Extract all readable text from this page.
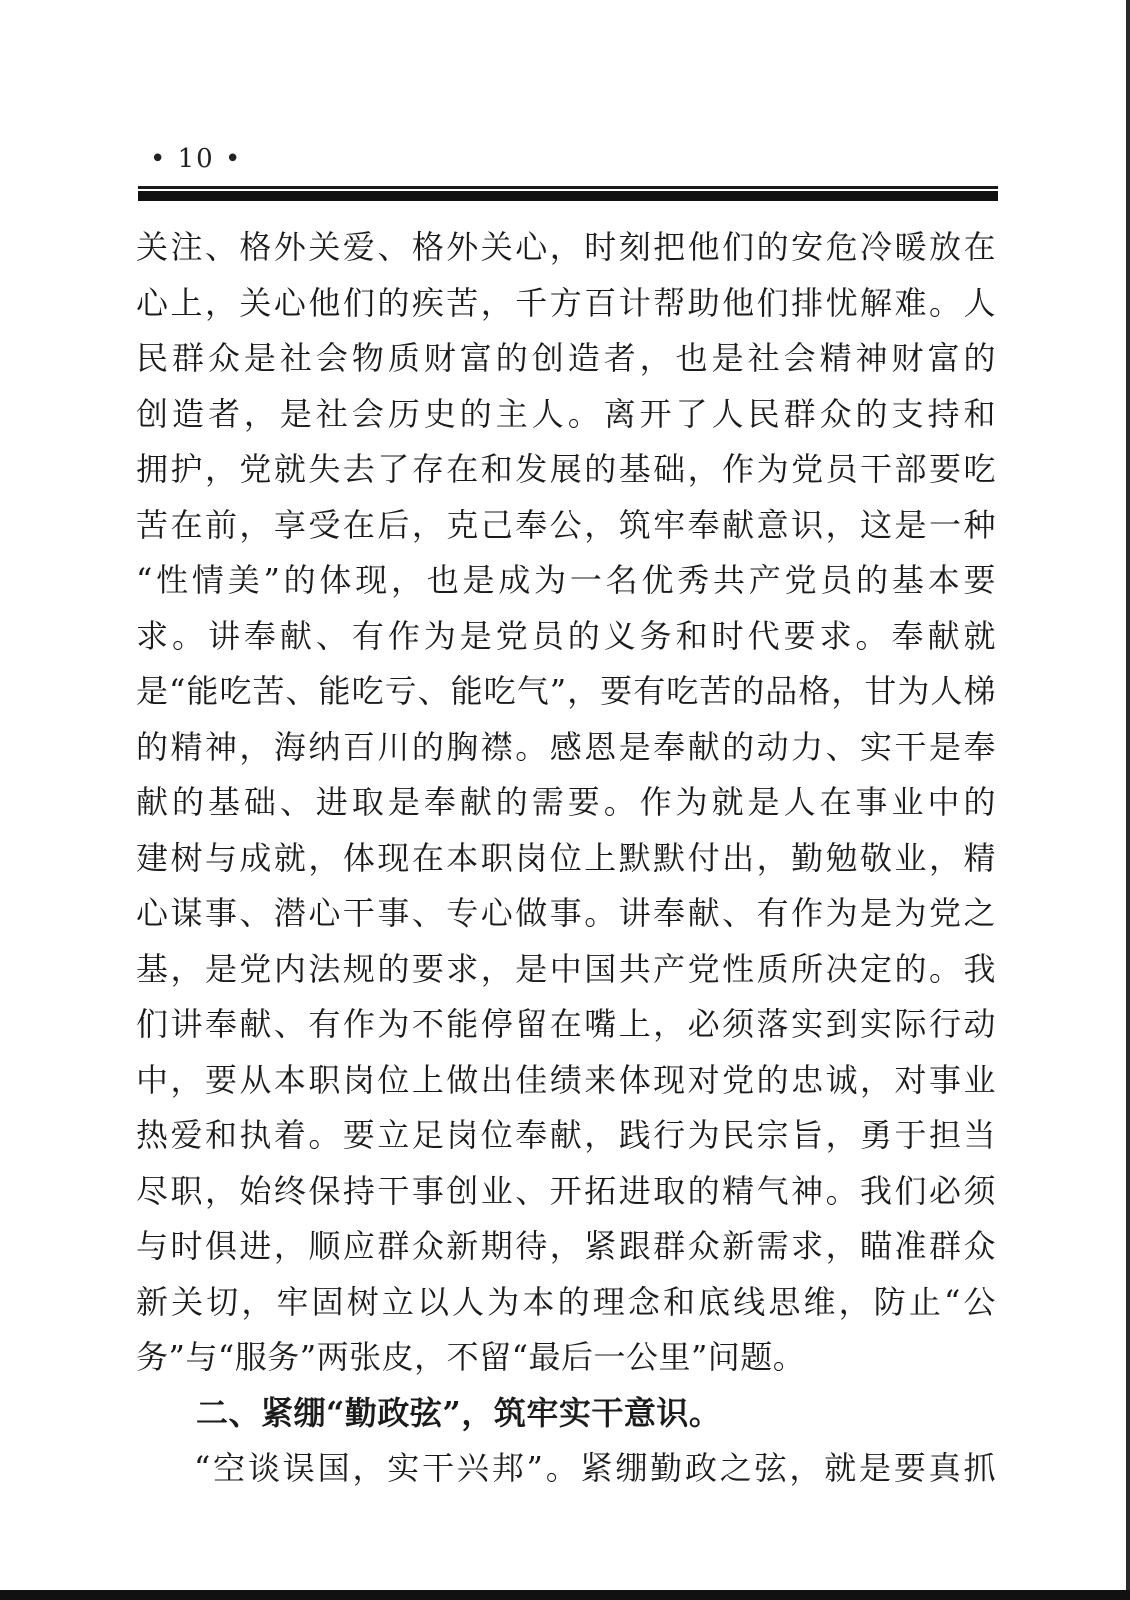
• 10 •
关注、格外关爱、格外关心，时刻把他们的安危冷暖放在
心上，关心他们的疾苦，千方百计帮助他们排忧解难。人
民群众是社会物质财富的创造者，也是社会精神财富的
创造者，是社会历史的主人。离开了人民群众的支持和
拥护，党就失去了存在和发展的基础，作为党员干部要吃
苦在前，享受在后，克己奉公，筑牢奉献意识，这是一种
“性情美”的体现，也是成为一名优秀共产党员的基本要
求。讲奉献、有作为是党员的义务和时代要求。奉献就
是“能吃苦、能吃亏、能吃气”，要有吃苦的品格，甘为人梯
的精神，海纳百川的胸襟。感恩是奉献的动力、实干是奉
献的基础、进取是奉献的需要。作为就是人在事业中的
建树与成就，体现在本职岗位上默默付出，勤勉敬业，精
心谋事、潜心干事、专心做事。讲奉献、有作为是为党之
基，是党内法规的要求，是中国共产党性质所决定的。我
们讲奉献、有作为不能停留在嘴上，必须落实到实际行动
中，要从本职岗位上做出佳绩来体现对党的忠诚，对事业
热爱和执着。要立足岗位奉献，践行为民宗旨，勇于担当
尽职，始终保持干事创业、开拓进取的精气神。我们必须
与时俱进，顺应群众新期待，紧跟群众新需求，瞄准群众
新关切，牢固树立以人为本的理念和底线思维，防止“公
务”与“服务”两张皮，不留“最后一公里”问题。
二、紧绷“勤政弦”，筑牢实干意识。
“空谈误国，实干兴邦”。紧绷勤政之弦，就是要真抓
